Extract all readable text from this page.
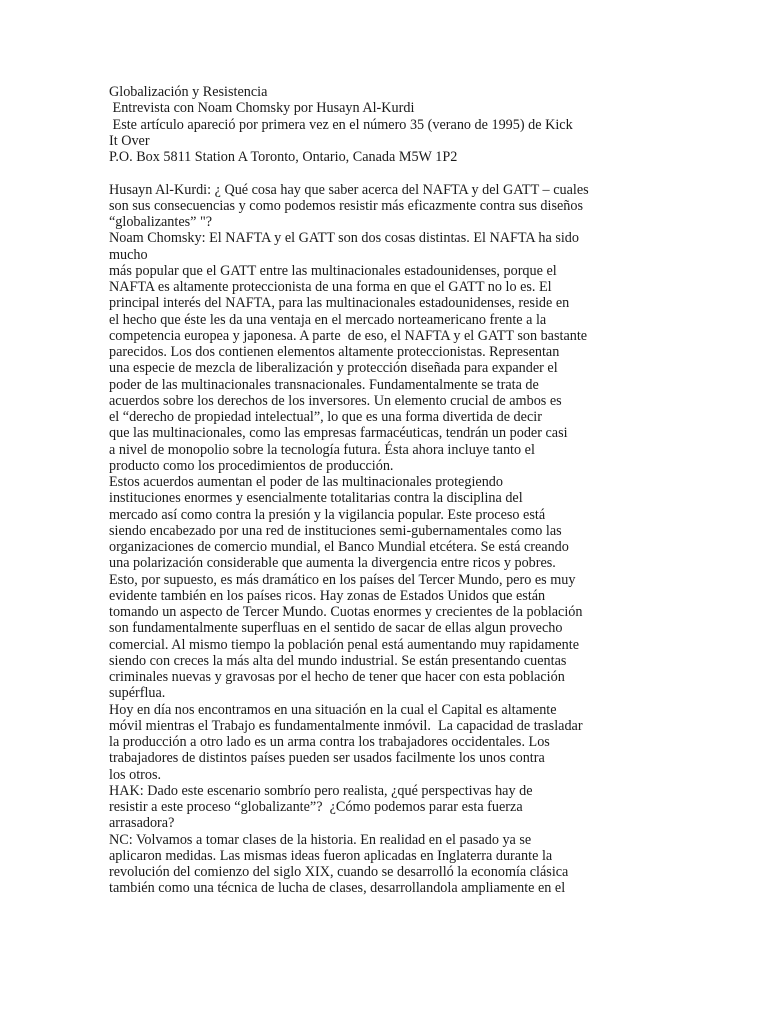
Globalización y Resistencia
Entrevista con Noam Chomsky por Husayn Al-Kurdi
Este artículo apareció por primera vez en el número 35 (verano de 1995) de Kick
It Over
P.O. Box 5811 Station A Toronto, Ontario, Canada M5W 1P2
Husayn Al-Kurdi: ¿ Qué cosa hay que saber acerca del NAFTA y del GATT – cuales
son sus consecuencias y como podemos resistir más eficazmente contra sus diseños
“globalizantes” "?
Noam Chomsky: El NAFTA y el GATT son dos cosas distintas. El NAFTA ha sido
mucho
más popular que el GATT entre las multinacionales estadounidenses, porque el
NAFTA es altamente proteccionista de una forma en que el GATT no lo es. El
principal interés del NAFTA, para las multinacionales estadounidenses, reside en
el hecho que éste les da una ventaja en el mercado norteamericano frente a la
competencia europea y japonesa. A parte  de eso, el NAFTA y el GATT son bastante
parecidos. Los dos contienen elementos altamente proteccionistas. Representan
una especie de mezcla de liberalización y protección diseñada para expander el
poder de las multinacionales transnacionales. Fundamentalmente se trata de
acuerdos sobre los derechos de los inversores. Un elemento crucial de ambos es
el “derecho de propiedad intelectual”, lo que es una forma divertida de decir
que las multinacionales, como las empresas farmacéuticas, tendrán un poder casi
a nivel de monopolio sobre la tecnología futura. Ésta ahora incluye tanto el
producto como los procedimientos de producción.
Estos acuerdos aumentan el poder de las multinacionales protegiendo
instituciones enormes y esencialmente totalitarias contra la disciplina del
mercado así como contra la presión y la vigilancia popular. Este proceso está
siendo encabezado por una red de instituciones semi-gubernamentales como las
organizaciones de comercio mundial, el Banco Mundial etcétera. Se está creando
una polarización considerable que aumenta la divergencia entre ricos y pobres.
Esto, por supuesto, es más dramático en los países del Tercer Mundo, pero es muy
evidente también en los países ricos. Hay zonas de Estados Unidos que están
tomando un aspecto de Tercer Mundo. Cuotas enormes y crecientes de la población
son fundamentalmente superfluas en el sentido de sacar de ellas algun provecho
comercial. Al mismo tiempo la población penal está aumentando muy rapidamente
siendo con creces la más alta del mundo industrial. Se están presentando cuentas
criminales nuevas y gravosas por el hecho de tener que hacer con esta población
supérflua.
Hoy en día nos encontramos en una situación en la cual el Capital es altamente
móvil mientras el Trabajo es fundamentalmente inmóvil.  La capacidad de trasladar
la producción a otro lado es un arma contra los trabajadores occidentales. Los
trabajadores de distintos países pueden ser usados facilmente los unos contra
los otros.
HAK: Dado este escenario sombrío pero realista, ¿qué perspectivas hay de
resistir a este proceso “globalizante”?  ¿Cómo podemos parar esta fuerza
arrasadora?
NC: Volvamos a tomar clases de la historia. En realidad en el pasado ya se
aplicaron medidas. Las mismas ideas fueron aplicadas en Inglaterra durante la
revolución del comienzo del siglo XIX, cuando se desarrolló la economía clásica
también como una técnica de lucha de clases, desarrollandola ampliamente en el
